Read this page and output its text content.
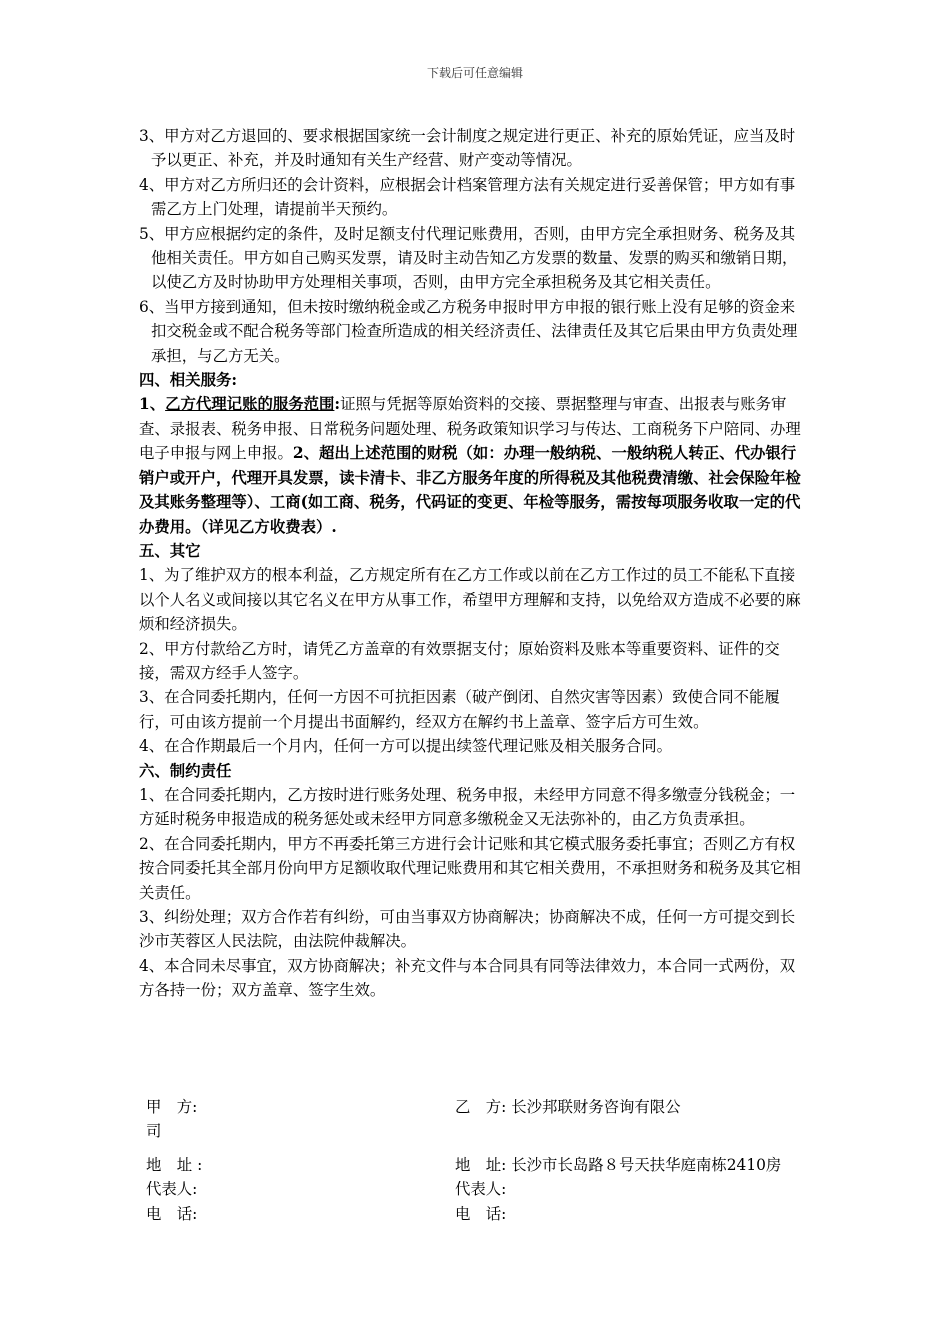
下载后可任意编辑

3、甲方对乙方退回的、要求根据国家统一会计制度之规定进行更正、补充的原始凭证，应当及时予以更正、补充，并及时通知有关生产经营、财产变动等情况。

4、甲方对乙方所归还的会计资料，应根据会计档案管理方法有关规定进行妥善保管；甲方如有事需乙方上门处理，请提前半天预约。

5、甲方应根据约定的条件，及时足额支付代理记账费用，否则，由甲方完全承担财务、税务及其他相关责任。甲方如自己购买发票，请及时主动告知乙方发票的数量、发票的购买和缴销日期，以使乙方及时协助甲方处理相关事项，否则，由甲方完全承担税务及其它相关责任。

6、当甲方接到通知，但未按时缴纳税金或乙方税务申报时甲方申报的银行账上没有足够的资金来扣交税金或不配合税务等部门检查所造成的相关经济责任、法律责任及其它后果由甲方负责处理承担，与乙方无关。

四、相关服务:

1、乙方代理记账的服务范围:证照与凭据等原始资料的交接、票据整理与审查、出报表与账务审查、录报表、税务申报、日常税务问题处理、税务政策知识学习与传达、工商税务下户陪同、办理电子申报与网上申报。2、超出上述范围的财税（如：办理一般纳税、一般纳税人转正、代办银行销户或开户，代理开具发票，读卡清卡、非乙方服务年度的所得税及其他税费清缴、社会保险年检及其账务整理等）、工商(如工商、税务，代码证的变更、年检等服务，需按每项服务收取一定的代办费用。（详见乙方收费表）.

五、其它

1、为了维护双方的根本利益，乙方规定所有在乙方工作或以前在乙方工作过的员工不能私下直接以个人名义或间接以其它名义在甲方从事工作，希望甲方理解和支持，以免给双方造成不必要的麻烦和经济损失。

2、甲方付款给乙方时，请凭乙方盖章的有效票据支付；原始资料及账本等重要资料、证件的交接，需双方经手人签字。

3、在合同委托期内，任何一方因不可抗拒因素（破产倒闭、自然灾害等因素）致使合同不能履行，可由该方提前一个月提出书面解约，经双方在解约书上盖章、签字后方可生效。

4、在合作期最后一个月内，任何一方可以提出续签代理记账及相关服务合同。

六、制约责任

1、在合同委托期内，乙方按时进行账务处理、税务申报，未经甲方同意不得多缴壹分钱税金；一方延时税务申报造成的税务惩处或未经甲方同意多缴税金又无法弥补的，由乙方负责承担。

2、在合同委托期内，甲方不再委托第三方进行会计记账和其它模式服务委托事宜；否则乙方有权按合同委托其全部月份向甲方足额收取代理记账费用和其它相关费用，不承担财务和税务及其它相关责任。

3、纠纷处理；双方合作若有纠纷，可由当事双方协商解决；协商解决不成，任何一方可提交到长沙市芙蓉区人民法院，由法院仲裁解决。

4、本合同未尽事宜，双方协商解决；补充文件与本合同具有同等法律效力，本合同一式两份，双方各持一份；双方盖章、签字生效。

甲　方:
司
地　址 :
代表人:
电　话:
乙　方: 长沙邦联财务咨询有限公
地　址: 长沙市长岛路８号天扶华庭南栋2410房
代表人:
电　话:
